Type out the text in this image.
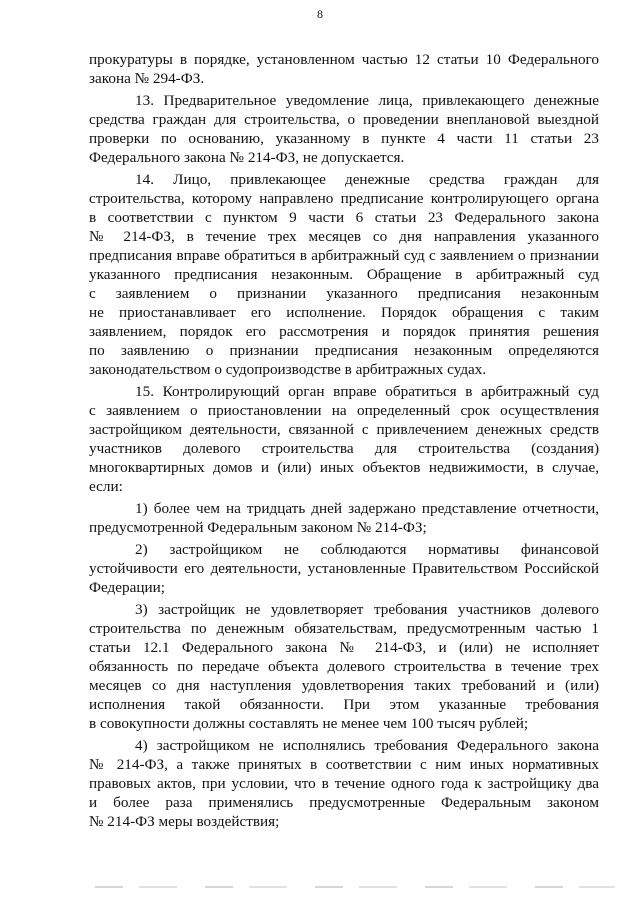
8
прокуратуры в порядке, установленном частью 12 статьи 10 Федерального
закона № 294-ФЗ.
13. Предварительное уведомление лица, привлекающего денежные
средства граждан для строительства, о проведении внеплановой выездной
проверки по основанию, указанному в пункте 4 части 11 статьи 23
Федерального закона № 214-ФЗ, не допускается.
14. Лицо, привлекающее денежные средства граждан для
строительства, которому направлено предписание контролирующего органа
в соответствии с пунктом 9 части 6 статьи 23 Федерального закона
№ 214-ФЗ, в течение трех месяцев со дня направления указанного
предписания вправе обратиться в арбитражный суд с заявлением о признании
указанного предписания незаконным. Обращение в арбитражный суд
с заявлением о признании указанного предписания незаконным
не приостанавливает его исполнение. Порядок обращения с таким
заявлением, порядок его рассмотрения и порядок принятия решения
по заявлению о признании предписания незаконным определяются
законодательством о судопроизводстве в арбитражных судах.
15. Контролирующий орган вправе обратиться в арбитражный суд
с заявлением о приостановлении на определенный срок осуществления
застройщиком деятельности, связанной с привлечением денежных средств
участников долевого строительства для строительства (создания)
многоквартирных домов и (или) иных объектов недвижимости, в случае,
если:
1) более чем на тридцать дней задержано представление отчетности,
предусмотренной Федеральным законом № 214-ФЗ;
2) застройщиком не соблюдаются нормативы финансовой
устойчивости его деятельности, установленные Правительством Российской
Федерации;
3) застройщик не удовлетворяет требования участников долевого
строительства по денежным обязательствам, предусмотренным частью 1
статьи 12.1 Федерального закона № 214-ФЗ, и (или) не исполняет
обязанность по передаче объекта долевого строительства в течение трех
месяцев со дня наступления удовлетворения таких требований и (или)
исполнения такой обязанности. При этом указанные требования
в совокупности должны составлять не менее чем 100 тысяч рублей;
4) застройщиком не исполнялись требования Федерального закона
№ 214-ФЗ, а также принятых в соответствии с ним иных нормативных
правовых актов, при условии, что в течение одного года к застройщику два
и более раза применялись предусмотренные Федеральным законом
№ 214-ФЗ меры воздействия;
